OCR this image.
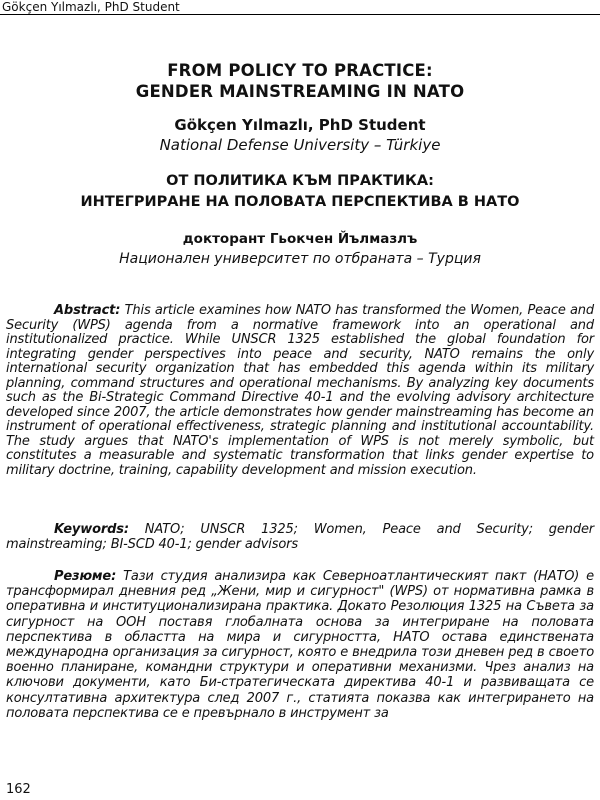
Gökçen Yılmazlı, PhD Student

FROM POLICY TO PRACTICE:

GENDER MAINSTREAMING IN NATO

Gökçen Yılmazlı, PhD Student

National Defense University – Türkiye

ОТ ПОЛИТИКА КЪМ ПРАКТИКА:

ИНТЕГРИРАНЕ НА ПОЛОВАТА ПЕРСПЕКТИВА В НАТО

докторант Гьокчен Йълмазлъ

Национален университет по отбраната – Турция

Abstract: This article examines how NATO has transformed the Women, Peace and Security (WPS) agenda from a normative framework into an operational and institutionalized practice. While UNSCR 1325 established the global foundation for integrating gender perspectives into peace and security, NATO remains the only international security organization that has embedded this agenda within its military planning, command structures and operational mechanisms. By analyzing key documents such as the Bi-Strategic Command Directive 40-1 and the evolving advisory architecture developed since 2007, the article demonstrates how gender mainstreaming has become an instrument of operational effectiveness, strategic planning and institutional accountability. The study argues that NATO's implementation of WPS is not merely symbolic, but constitutes a measurable and systematic transformation that links gender expertise to military doctrine, training, capability development and mission execution.

Keywords: NATO; UNSCR 1325; Women, Peace and Security; gender mainstreaming; BI-SCD 40-1; gender advisors

Резюме: Тази студия анализира как Северноатлантическият пакт (НАТО) е трансформирал дневния ред „Жени, мир и сигурност" (WPS) от нормативна рамка в оперативна и институционализирана практика. Докато Резолюция 1325 на Съвета за сигурност на ООН поставя глобалната основа за интегриране на половата перспектива в областта на мира и сигурността, НАТО остава единствената международна организация за сигурност, която е внедрила този дневен ред в своето военно планиране, командни структури и оперативни механизми. Чрез анализ на ключови документи, като Би-стратегическата директива 40-1 и развиващата се консултативна архитектура след 2007 г., статията показва как интегрирането на половата перспектива се е превърнало в инструмент за

162
